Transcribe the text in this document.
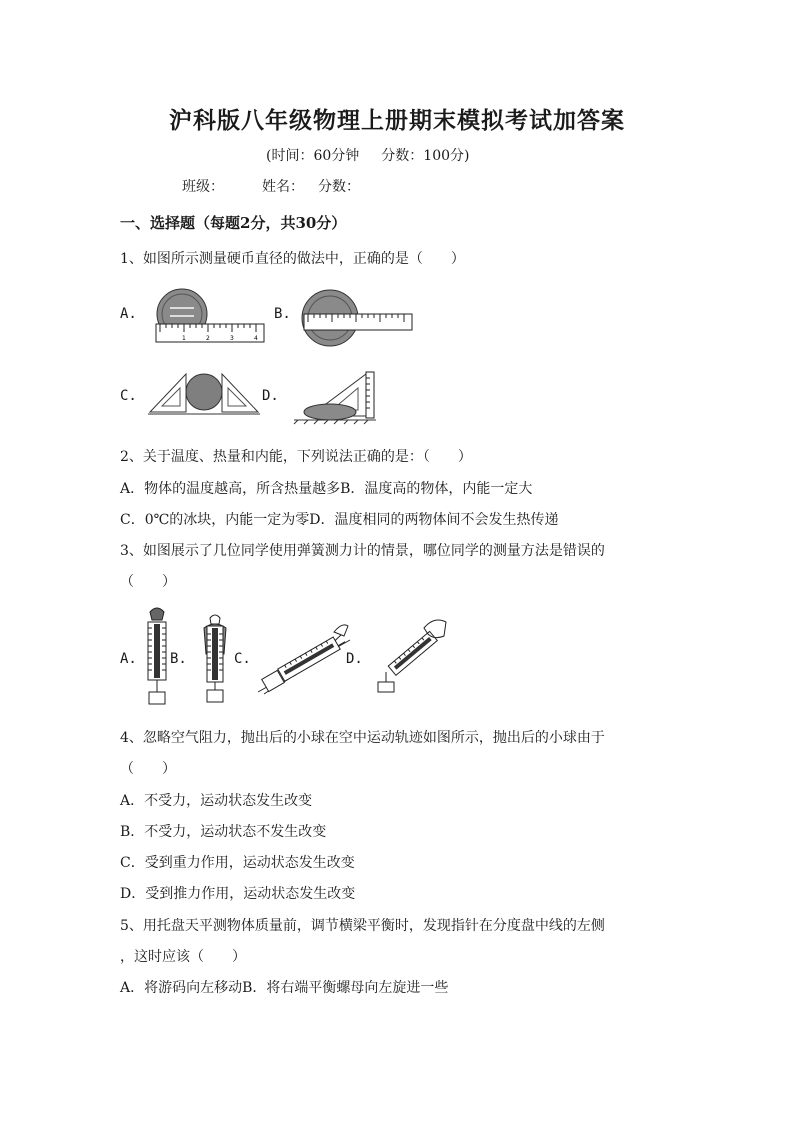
沪科版八年级物理上册期末模拟考试加答案
(时间：60分钟 分数：100分)
班级：	姓名： 分数：
一、选择题（每题2分，共30分）
1、如图所示测量硬币直径的做法中，正确的是（　　）
A.
1	2	3	4
B.
C.	D.
2、关于温度、热量和内能，下列说法正确的是：（　　）
A．物体的温度越高，所含热量越多B．温度高的物体，内能一定大
C．0℃的冰块，内能一定为零D．温度相同的两物体间不会发生热传递
3、如图展示了几位同学使用弹簧测力计的情景，哪位同学的测量方法是错误的
（　　）
A. B.	C.	D.
4、忽略空气阻力，抛出后的小球在空中运动轨迹如图所示，抛出后的小球由于
（　　）
A．不受力，运动状态发生改变
B．不受力，运动状态不发生改变
C．受到重力作用，运动状态发生改变
D．受到推力作用，运动状态发生改变
5、用托盘天平测物体质量前，调节横梁平衡时，发现指针在分度盘中线的左侧
，这时应该（　　）
A．将游码向左移动B．将右端平衡螺母向左旋进一些
